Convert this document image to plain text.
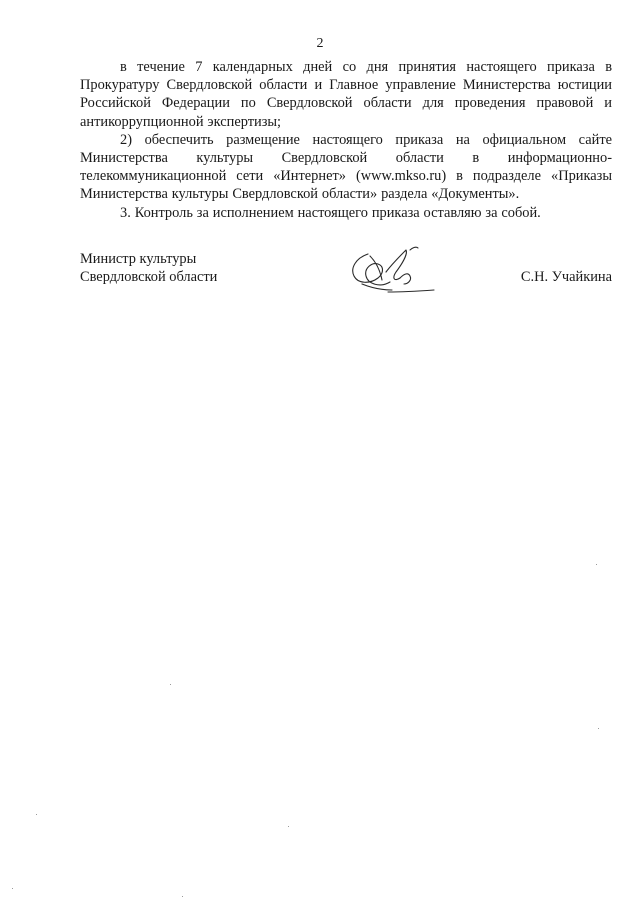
2

в течение 7 календарных дней со дня принятия настоящего приказа в Прокуратуру Свердловской области и Главное управление Министерства юстиции Российской Федерации по Свердловской области для проведения правовой и антикоррупционной экспертизы;

2) обеспечить размещение настоящего приказа на официальном сайте Министерства культуры Свердловской области в информационно-телекоммуникационной сети «Интернет» (www.mkso.ru) в подразделе «Приказы Министерства культуры Свердловской области» раздела «Документы».

3. Контроль за исполнением настоящего приказа оставляю за собой.

Министр культуры
Свердловской области	С.Н. Учайкина
